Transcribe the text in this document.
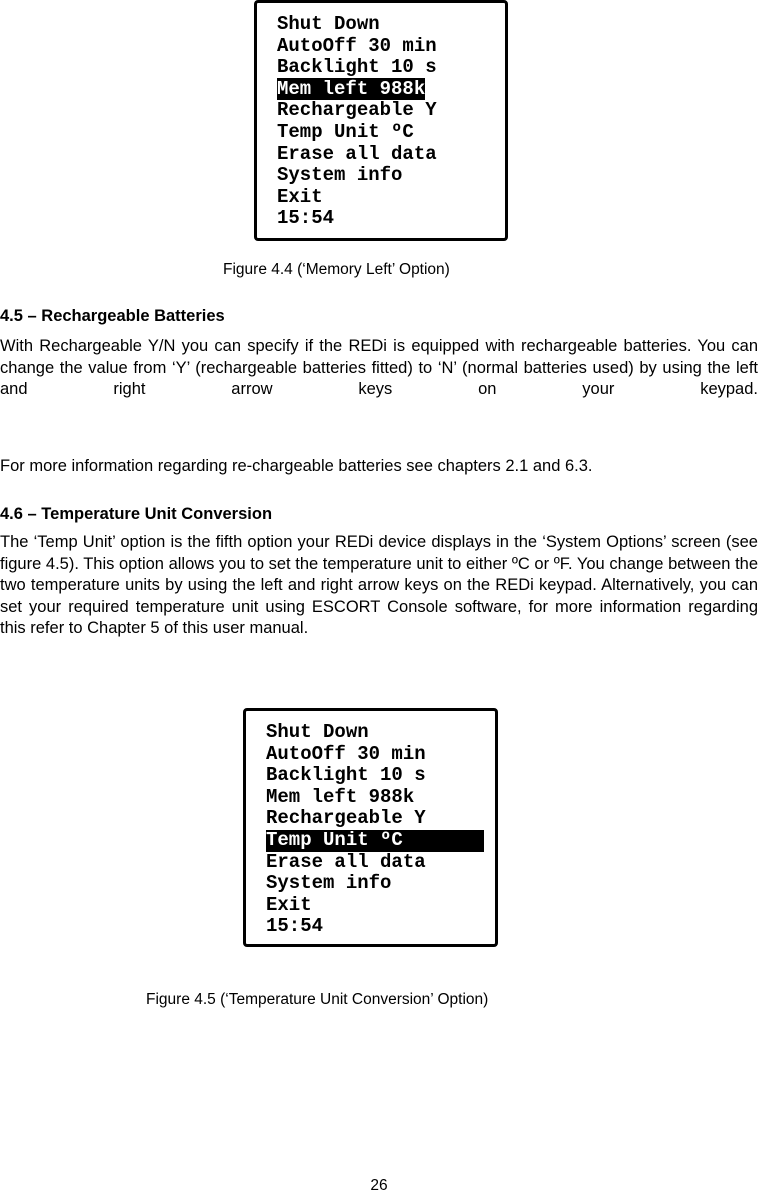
Shut Down
AutoOff 30 min
Backlight 10 s
Mem left 988k
Rechargeable Y
Temp Unit ºC
Erase all data
System info
Exit
15:54
Figure 4.4 (‘Memory Left’ Option)
4.5 – Rechargeable Batteries
With Rechargeable Y/N you can specify if the REDi is equipped with rechargeable batteries. You can change the value from ‘Y’ (rechargeable batteries fitted) to ‘N’ (normal batteries used) by using the left and right arrow keys on your keypad.
For more information regarding re-chargeable batteries see chapters 2.1 and 6.3.
4.6 – Temperature Unit Conversion
The ‘Temp Unit’ option is the fifth option your REDi device displays in the ‘System Options’ screen (see figure 4.5). This option allows you to set the temperature unit to either ºC or ºF. You change between the two temperature units by using the left and right arrow keys on the REDi keypad. Alternatively, you can set your required temperature unit using ESCORT Console software, for more information regarding this refer to Chapter 5 of this user manual.
Shut Down
AutoOff 30 min
Backlight 10 s
Mem left 988k
Rechargeable Y
Temp Unit ºC
Erase all data
System info
Exit
15:54
Figure 4.5 (‘Temperature Unit Conversion’ Option)
26
